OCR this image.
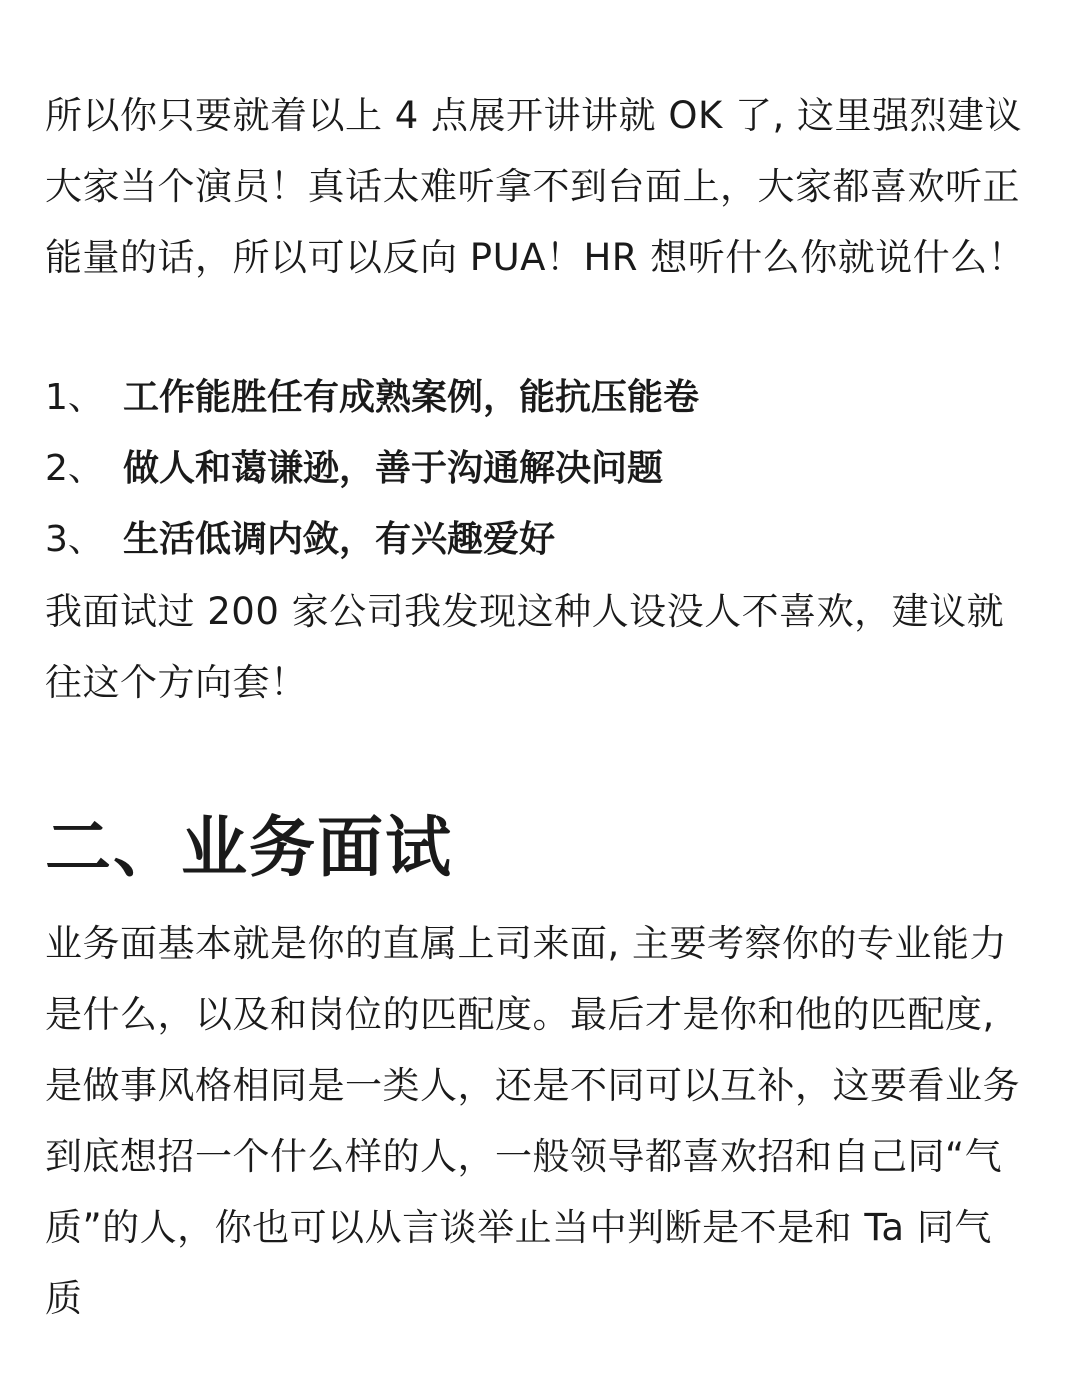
所以你只要就着以上 4 点展开讲讲就 OK 了, 这里强烈建议
大家当个演员！真话太难听拿不到台面上，大家都喜欢听正
能量的话，所以可以反向 PUA！HR 想听什么你就说什么！

1、 工作能胜任有成熟案例，能抗压能卷
2、 做人和蔼谦逊，善于沟通解决问题
3、 生活低调内敛，有兴趣爱好

我面试过 200 家公司我发现这种人设没人不喜欢，建议就
往这个方向套！

二、业务面试

业务面基本就是你的直属上司来面, 主要考察你的专业能力
是什么，以及和岗位的匹配度。最后才是你和他的匹配度,
是做事风格相同是一类人，还是不同可以互补，这要看业务
到底想招一个什么样的人，一般领导都喜欢招和自己同“气
质”的人，你也可以从言谈举止当中判断是不是和 Ta 同气
质
